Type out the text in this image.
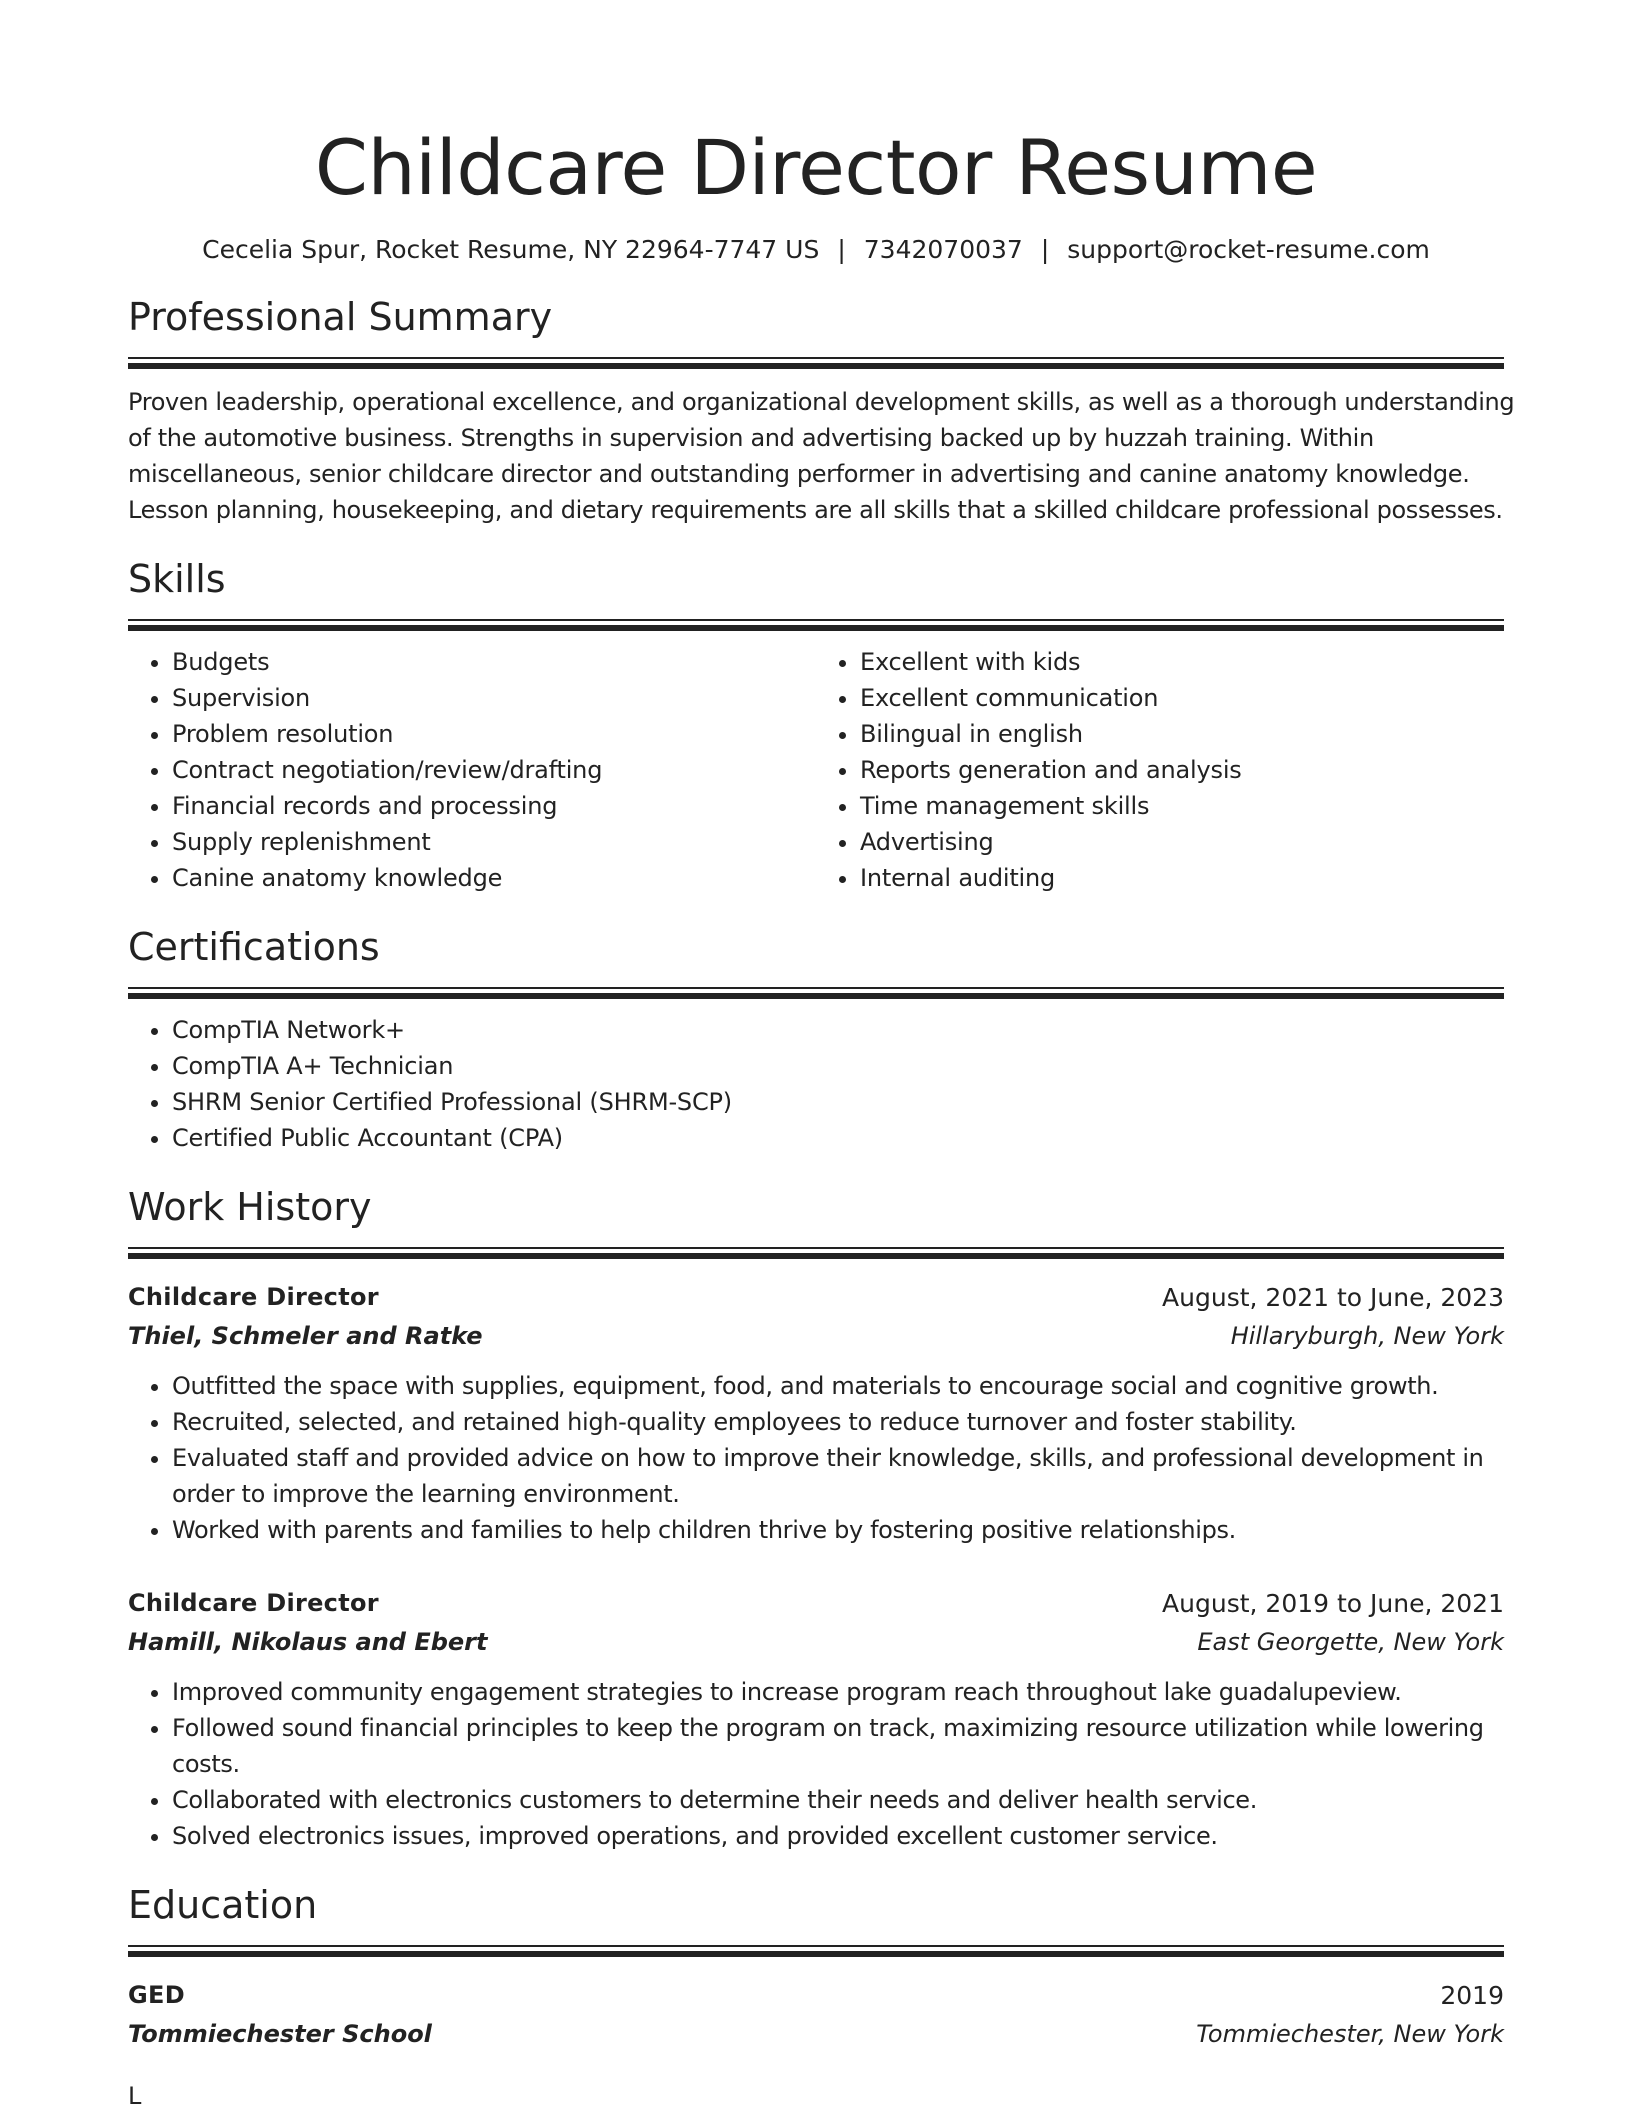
Childcare Director Resume
Cecelia Spur, Rocket Resume, NY 22964-7747 US | 7342070037 | support@rocket-resume.com
Professional Summary
Proven leadership, operational excellence, and organizational development skills, as well as a thorough understanding
of the automotive business. Strengths in supervision and advertising backed up by huzzah training. Within
miscellaneous, senior childcare director and outstanding performer in advertising and canine anatomy knowledge.
Lesson planning, housekeeping, and dietary requirements are all skills that a skilled childcare professional possesses.
Skills
• Budgets
• Supervision
• Problem resolution
• Contract negotiation/review/drafting
• Financial records and processing
• Supply replenishment
• Canine anatomy knowledge
• Excellent with kids
• Excellent communication
• Bilingual in english
• Reports generation and analysis
• Time management skills
• Advertising
• Internal auditing
Certifications
• CompTIA Network+
• CompTIA A+ Technician
• SHRM Senior Certified Professional (SHRM-SCP)
• Certified Public Accountant (CPA)
Work History
Childcare Director	August, 2021 to June, 2023
Thiel, Schmeler and Ratke	Hillaryburgh, New York
• Outfitted the space with supplies, equipment, food, and materials to encourage social and cognitive growth.
• Recruited, selected, and retained high-quality employees to reduce turnover and foster stability.
• Evaluated staff and provided advice on how to improve their knowledge, skills, and professional development in order to improve the learning environment.
• Worked with parents and families to help children thrive by fostering positive relationships.
Childcare Director	August, 2019 to June, 2021
Hamill, Nikolaus and Ebert	East Georgette, New York
• Improved community engagement strategies to increase program reach throughout lake guadalupeview.
• Followed sound financial principles to keep the program on track, maximizing resource utilization while lowering costs.
• Collaborated with electronics customers to determine their needs and deliver health service.
• Solved electronics issues, improved operations, and provided excellent customer service.
Education
GED	2019
Tommiechester School	Tommiechester, New York
L
